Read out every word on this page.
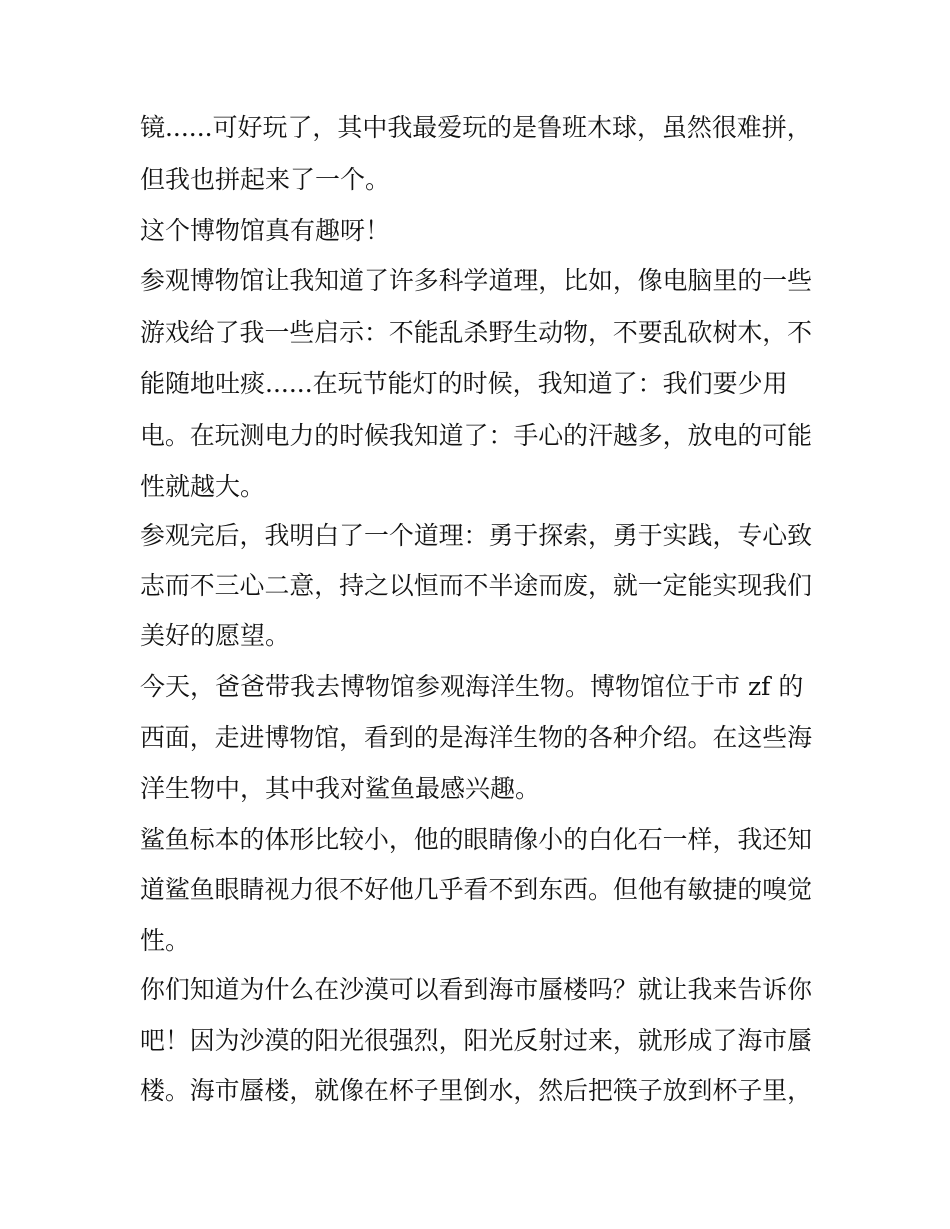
镜......可好玩了，其中我最爱玩的是鲁班木球，虽然很难拼，
但我也拼起来了一个。
这个博物馆真有趣呀！
参观博物馆让我知道了许多科学道理，比如，像电脑里的一些
游戏给了我一些启示：不能乱杀野生动物，不要乱砍树木，不
能随地吐痰......在玩节能灯的时候，我知道了：我们要少用
电。在玩测电力的时候我知道了：手心的汗越多，放电的可能
性就越大。
参观完后，我明白了一个道理：勇于探索，勇于实践，专心致
志而不三心二意，持之以恒而不半途而废，就一定能实现我们
美好的愿望。
今天，爸爸带我去博物馆参观海洋生物。博物馆位于市 zf 的
西面，走进博物馆，看到的是海洋生物的各种介绍。在这些海
洋生物中，其中我对鲨鱼最感兴趣。
鲨鱼标本的体形比较小，他的眼睛像小的白化石一样，我还知
道鲨鱼眼睛视力很不好他几乎看不到东西。但他有敏捷的嗅觉
性。
你们知道为什么在沙漠可以看到海市蜃楼吗？就让我来告诉你
吧！因为沙漠的阳光很强烈，阳光反射过来，就形成了海市蜃
楼。海市蜃楼，就像在杯子里倒水，然后把筷子放到杯子里，
